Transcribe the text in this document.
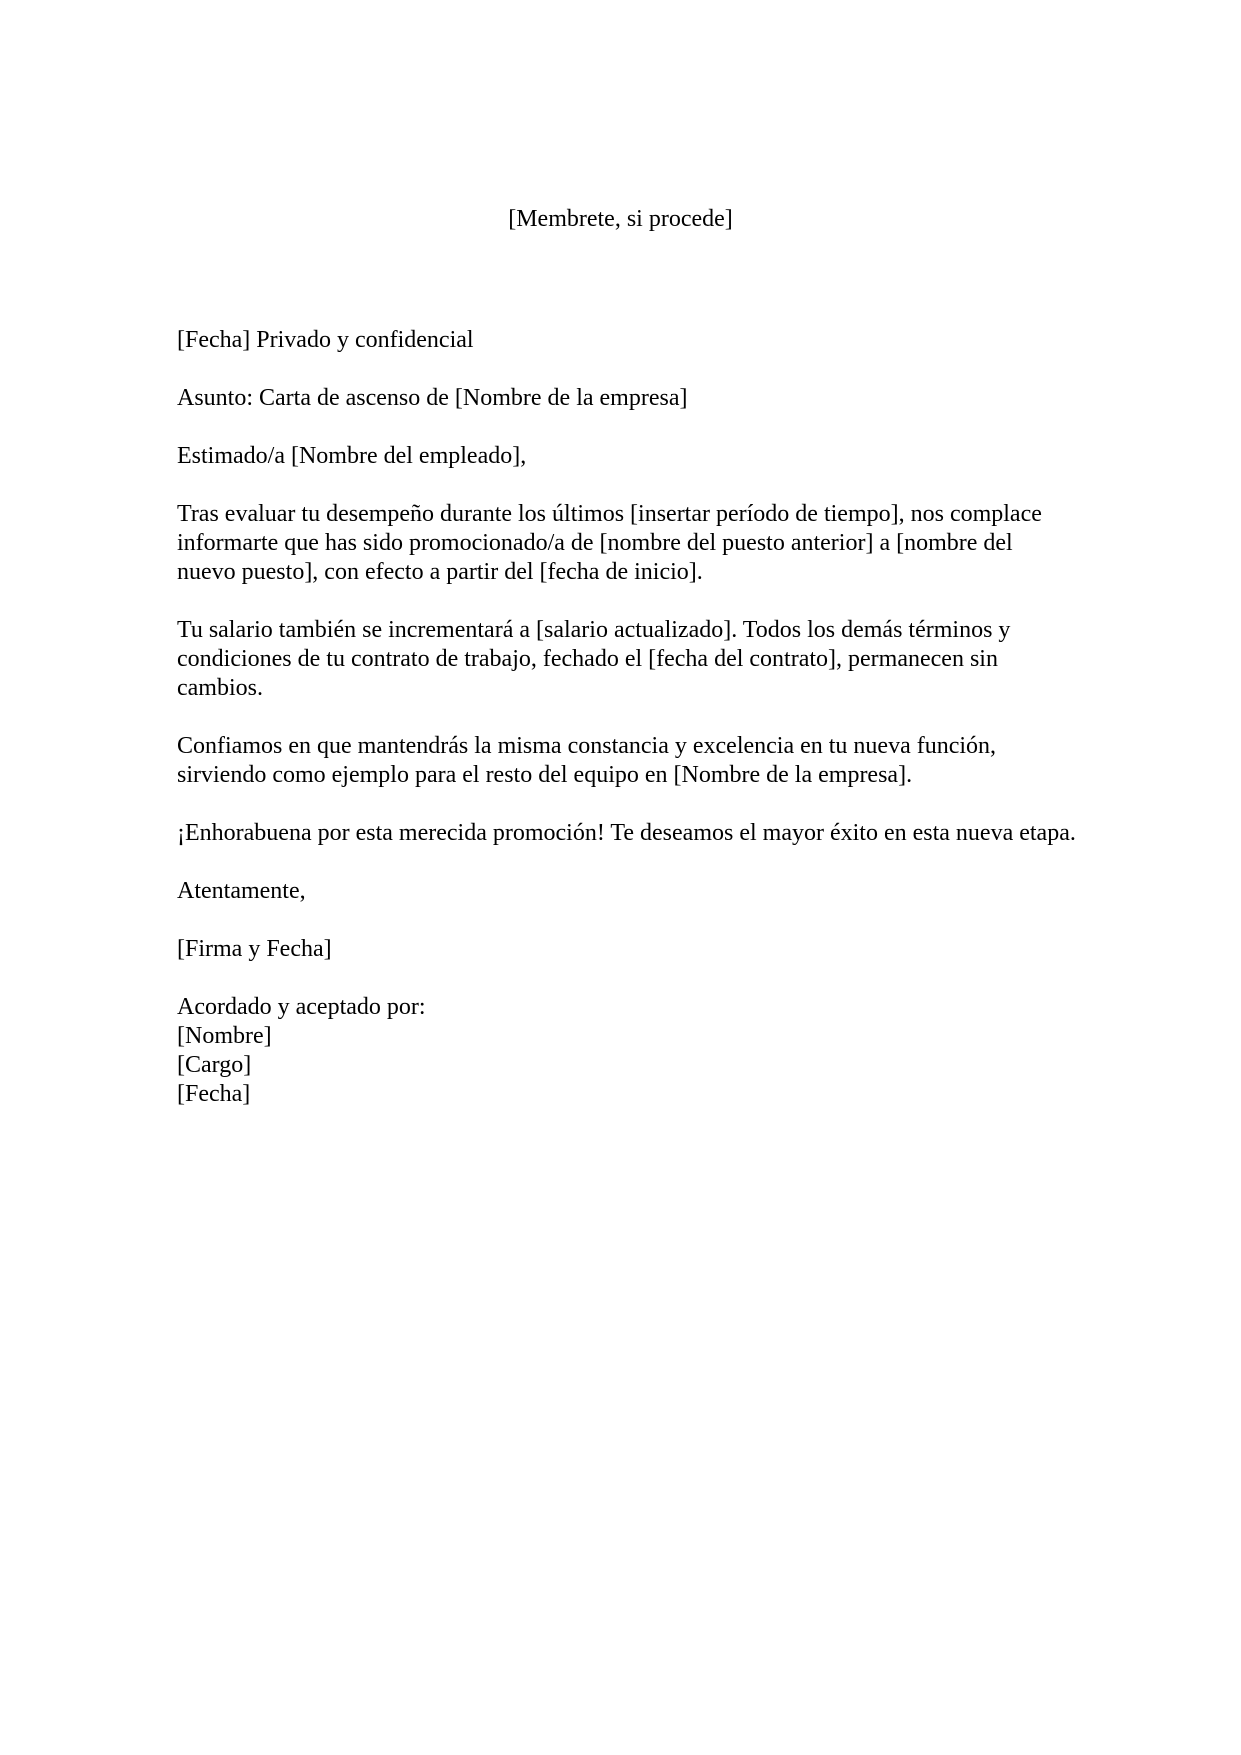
[Membrete, si procede]

[Fecha] Privado y confidencial

Asunto: Carta de ascenso de [Nombre de la empresa]

Estimado/a [Nombre del empleado],

Tras evaluar tu desempeño durante los últimos [insertar período de tiempo], nos complace informarte que has sido promocionado/a de [nombre del puesto anterior] a [nombre del nuevo puesto], con efecto a partir del [fecha de inicio].

Tu salario también se incrementará a [salario actualizado]. Todos los demás términos y condiciones de tu contrato de trabajo, fechado el [fecha del contrato], permanecen sin cambios.

Confiamos en que mantendrás la misma constancia y excelencia en tu nueva función, sirviendo como ejemplo para el resto del equipo en [Nombre de la empresa].

¡Enhorabuena por esta merecida promoción! Te deseamos el mayor éxito en esta nueva etapa.

Atentamente,

[Firma y Fecha]

Acordado y aceptado por:

[Nombre]

[Cargo]

[Fecha]
